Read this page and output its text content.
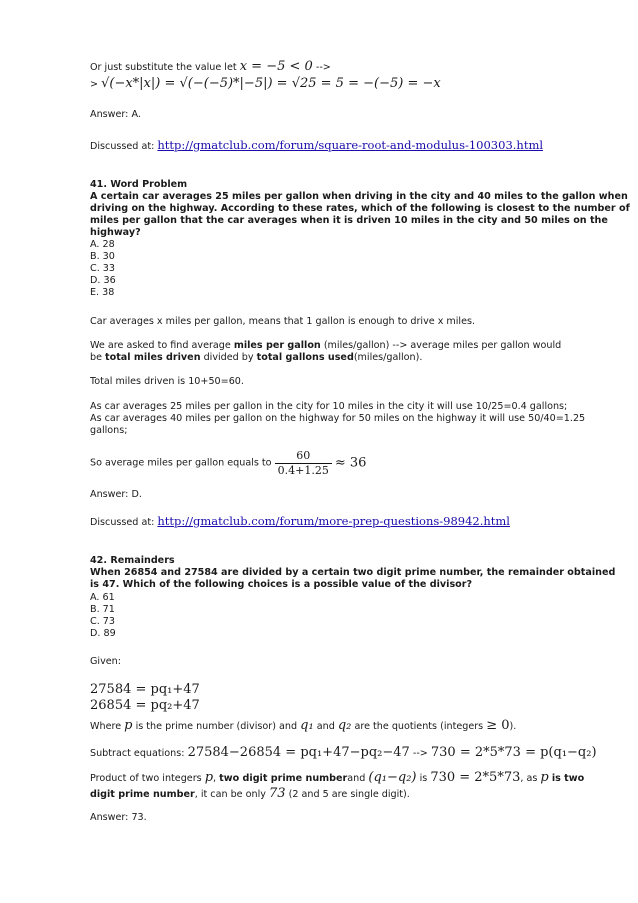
Or just substitute the value let x = −5 < 0 -->
> √(−x*|x|) = √(−(−5)*|−5|) = √25 = 5 = −(−5) = −x
Answer: A.
Discussed at: http://gmatclub.com/forum/square-root-and-modulus-100303.html
41. Word Problem
A certain car averages 25 miles per gallon when driving in the city and 40 miles to the gallon when
driving on the highway. According to these rates, which of the following is closest to the number of
miles per gallon that the car averages when it is driven 10 miles in the city and 50 miles on the
highway?
A. 28
B. 30
C. 33
D. 36
E. 38
Car averages x miles per gallon, means that 1 gallon is enough to drive x miles.
We are asked to find average miles per gallon (miles/gallon) --> average miles per gallon would
be total miles driven divided by total gallons used(miles/gallon).
Total miles driven is 10+50=60.
As car averages 25 miles per gallon in the city for 10 miles in the city it will use 10/25=0.4 gallons;
As car averages 40 miles per gallon on the highway for 50 miles on the highway it will use 50/40=1.25
gallons;
So average miles per gallon equals to $\frac{60}{0.4+1.25} \approx 36$
Answer: D.
Discussed at: http://gmatclub.com/forum/more-prep-questions-98942.html
42. Remainders
When 26854 and 27584 are divided by a certain two digit prime number, the remainder obtained
is 47. Which of the following choices is a possible value of the divisor?
A. 61
B. 71
C. 73
D. 89
Given:
27584 = pq₁+47
26854 = pq₂+47
Where p is the prime number (divisor) and q₁ and q₂ are the quotients (integers ≥ 0).
Subtract equations: 27584−26854 = pq₁+47−pq₂−47 --> 730 = 2*5*73 = p(q₁−q₂)
Product of two integers p, two digit prime numberand (q₁−q₂) is 730 = 2*5*73, as p is two
digit prime number, it can be only 73 (2 and 5 are single digit).
Answer: 73.
